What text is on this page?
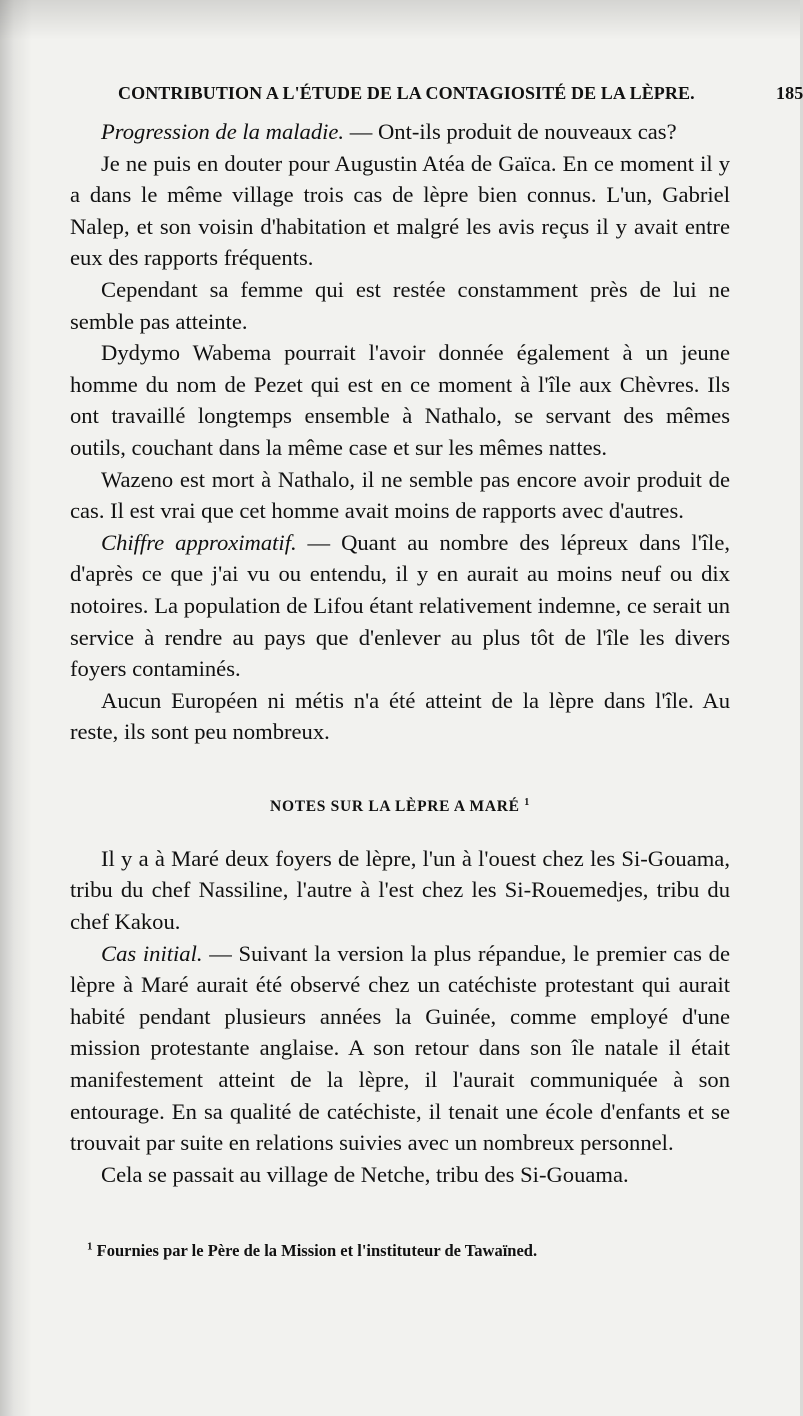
CONTRIBUTION A L'ÉTUDE DE LA CONTAGIOSITÉ DE LA LÈPRE.	185

Progression de la maladie. — Ont-ils produit de nouveaux cas?

Je ne puis en douter pour Augustin Atéa de Gaïca. En ce moment il y a dans le même village trois cas de lèpre bien connus. L'un, Gabriel Nalep, et son voisin d'habitation et malgré les avis reçus il y avait entre eux des rapports fréquents.

Cependant sa femme qui est restée constamment près de lui ne semble pas atteinte.

Dydymo Wabema pourrait l'avoir donnée également à un jeune homme du nom de Pezet qui est en ce moment à l'île aux Chèvres. Ils ont travaillé longtemps ensemble à Nathalo, se servant des mêmes outils, couchant dans la même case et sur les mêmes nattes.

Wazeno est mort à Nathalo, il ne semble pas encore avoir produit de cas. Il est vrai que cet homme avait moins de rapports avec d'autres.

Chiffre approximatif. — Quant au nombre des lépreux dans l'île, d'après ce que j'ai vu ou entendu, il y en aurait au moins neuf ou dix notoires. La population de Lifou étant relativement indemne, ce serait un service à rendre au pays que d'enlever au plus tôt de l'île les divers foyers contaminés.

Aucun Européen ni métis n'a été atteint de la lèpre dans l'île. Au reste, ils sont peu nombreux.

NOTES SUR LA LÈPRE A MARÉ $^1$

Il y a à Maré deux foyers de lèpre, l'un à l'ouest chez les Si-Gouama, tribu du chef Nassiline, l'autre à l'est chez les Si-Rouemedjes, tribu du chef Kakou.

Cas initial. — Suivant la version la plus répandue, le premier cas de lèpre à Maré aurait été observé chez un catéchiste protestant qui aurait habité pendant plusieurs années la Guinée, comme employé d'une mission protestante anglaise. A son retour dans son île natale il était manifestement atteint de la lèpre, il l'aurait communiquée à son entourage. En sa qualité de catéchiste, il tenait une école d'enfants et se trouvait par suite en relations suivies avec un nombreux personnel.

Cela se passait au village de Netche, tribu des Si-Gouama.

$^1$ Fournies par le Père de la Mission et l'instituteur de Tawaïned.
